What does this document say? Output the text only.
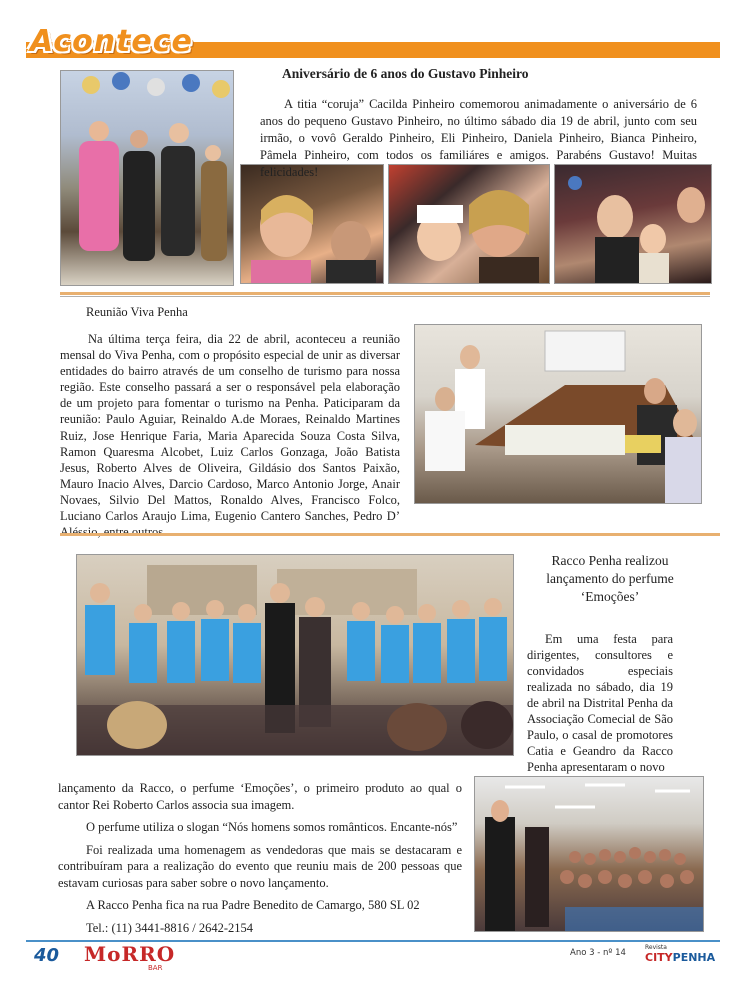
Acontece
Aniversário de 6 anos do Gustavo Pinheiro
A titia “coruja” Cacilda Pinheiro comemorou animadamente o aniversário de 6 anos do pequeno Gustavo Pinheiro, no último sábado dia 19 de abril, junto com seu irmão, o vovô Geraldo Pinheiro, Eli Pinheiro, Daniela Pinheiro, Bianca Pinheiro, Pâmela Pinheiro, com todos os familiáres e amigos. Parabéns Gustavo! Muitas felicidades!
Reunião Viva Penha

Na última terça feira, dia 22 de abril, aconteceu a reunião mensal do Viva Penha, com o propósito especial de unir as diversar entidades do bairro através de um conselho de turismo para nossa região. Este conselho passará a ser o responsável pela elaboração de um projeto para fomentar o turismo na Penha. Paticiparam da reunião: Paulo Aguiar, Reinaldo A.de Moraes, Reinaldo Martines Ruiz, Jose Henrique Faria, Maria Aparecida Souza Costa Silva, Ramon Quaresma Alcobet, Luiz Carlos Gonzaga, João Batista Jesus, Roberto Alves de Oliveira, Gildásio dos Santos Paixão, Mauro Inacio Alves, Darcio Cardoso, Marco Antonio Jorge, Anair Novaes, Silvio Del Mattos, Ronaldo Alves, Francisco Folco, Luciano Carlos Araujo Lima, Eugenio Cantero Sanches, Pedro D’

Racco Penha realizou
lançamento do perfume
‘Emoções’
Em uma festa para dirigentes, consultores e convidados especiais realizada no sábado, dia 19 de abril na Distrital Penha da Associação Comecial de São Paulo, o casal de promotores Catia e Geandro da Racco Penha apresentaram o novo

lançamento da Racco, o perfume ‘Emoções’, o primeiro produto ao qual o cantor Rei Roberto Carlos associa sua imagem.

O perfume utiliza o slogan “Nós homens somos românticos. Encante-nós”

Foi realizada uma homenagem as vendedoras que mais se destacaram e contribuíram para a realização do evento que reuniu mais de 200 pessoas que estavam curiosas para saber sobre o novo lançamento.

A Racco Penha fica na rua Padre Benedito de Camargo, 580 SL 02

Tel.: (11) 3441-8816 / 2642-2154

40 MoRRO
BAR
Ano 3 - nº 14
Revista
CITYPENHA
